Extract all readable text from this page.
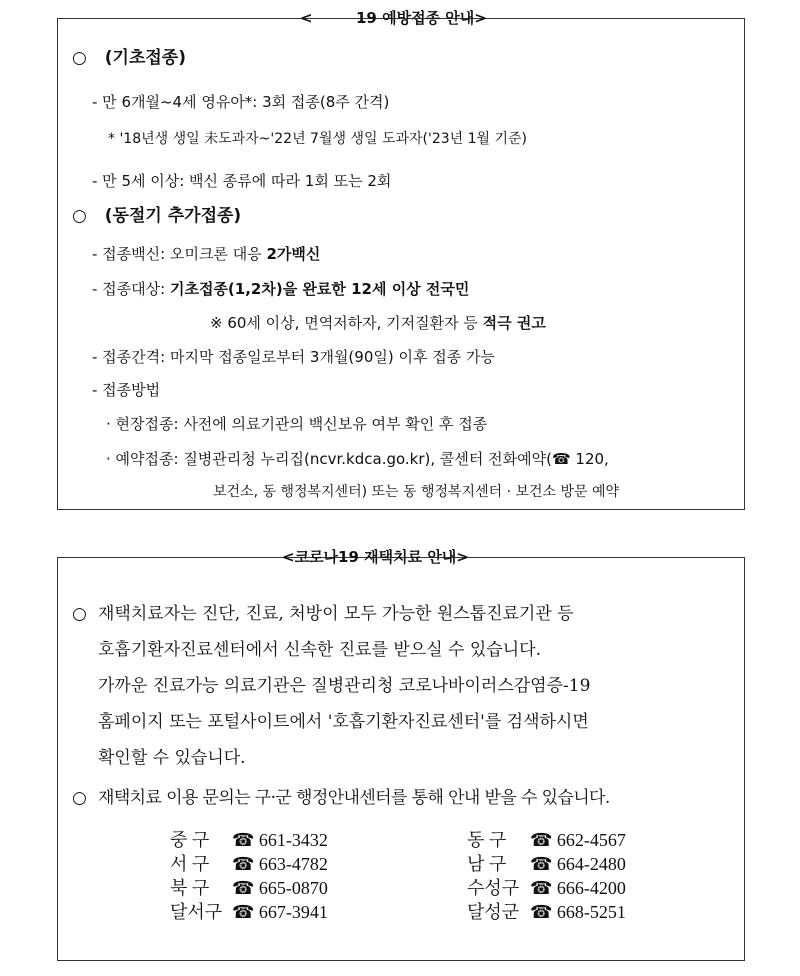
<	19 예방접종 안내>
○ (기초접종)
- 만 6개월~4세 영유아*: 3회 접종(8주 간격)
* '18년생 생일 未도과자~'22년 7월생 생일 도과자('23년 1월 기준)
- 만 5세 이상: 백신 종류에 따라 1회 또는 2회
○ (동절기 추가접종)
- 접종백신: 오미크론 대응 2가백신
- 접종대상: 기초접종(1,2차)을 완료한 12세 이상 전국민
※ 60세 이상, 면역저하자, 기저질환자 등 적극 권고
- 접종간격: 마지막 접종일로부터 3개월(90일) 이후 접종 가능
- 접종방법
· 현장접종: 사전에 의료기관의 백신보유 여부 확인 후 접종
· 예약접종: 질병관리청 누리집(ncvr.kdca.go.kr), 콜센터 전화예약(☎ 120,
보건소, 동 행정복지센터) 또는 동 행정복지센터 · 보건소 방문 예약
<코로나19 재택치료 안내>
○ 재택치료자는 진단, 진료, 처방이 모두 가능한 원스톱진료기관 등
호흡기환자진료센터에서 신속한 진료를 받으실 수 있습니다.
가까운 진료가능 의료기관은 질병관리청 코로나바이러스감염증-19
홈페이지 또는 포털사이트에서 '호흡기환자진료센터'를 검색하시면
확인할 수 있습니다.
○ 재택치료 이용 문의는 구·군 행정안내센터를 통해 안내 받을 수 있습니다.
중 구 ☎ 661-3432	동 구 ☎ 662-4567
서 구 ☎ 663-4782	남 구 ☎ 664-2480
북 구 ☎ 665-0870	수성구 ☎ 666-4200
달서구 ☎ 667-3941	달성군 ☎ 668-5251
